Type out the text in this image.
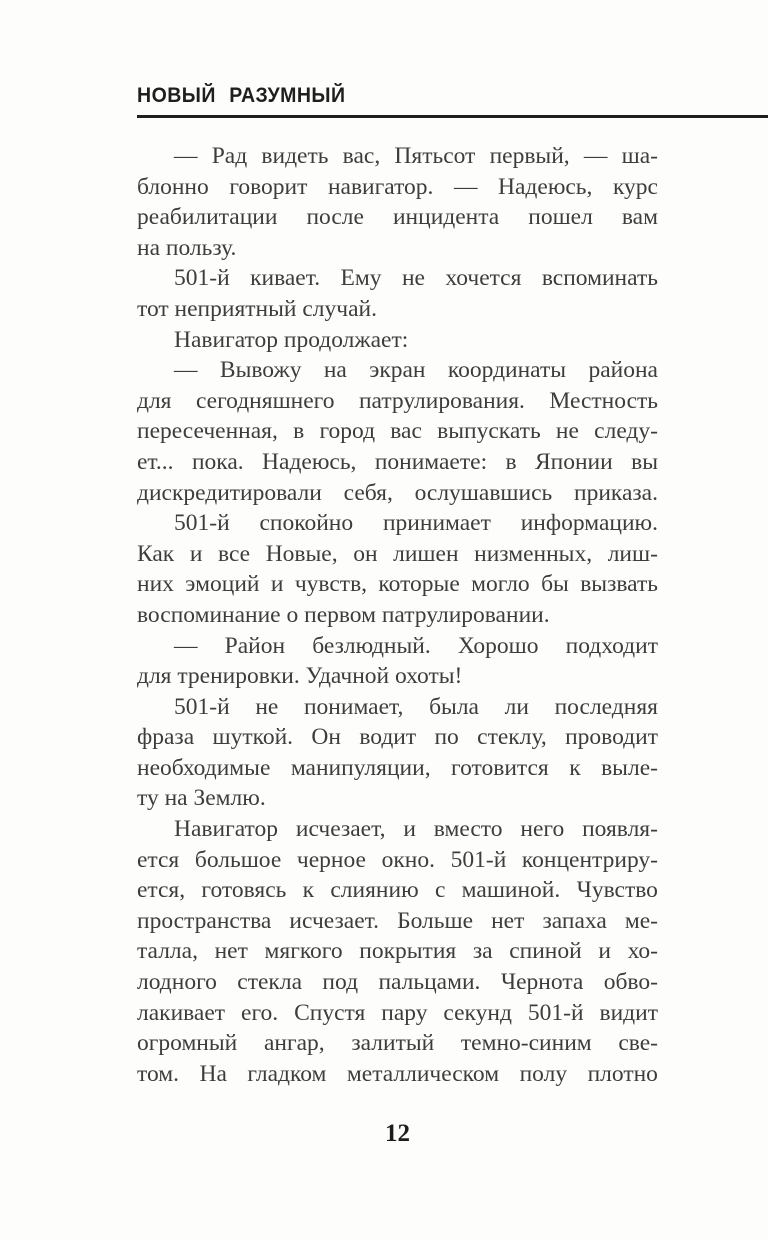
НОВЫЙ РАЗУМНЫЙ
— Рад видеть вас, Пятьсот первый, — ша-
блонно говорит навигатор. — Надеюсь, курс
реабилитации после инцидента пошел вам
на пользу.
501-й кивает. Ему не хочется вспоминать
тот неприятный случай.
Навигатор продолжает:
— Вывожу на экран координаты района
для сегодняшнего патрулирования. Местность
пересеченная, в город вас выпускать не следу-
ет... пока. Надеюсь, понимаете: в Японии вы
дискредитировали себя, ослушавшись приказа.
501-й спокойно принимает информацию.
Как и все Новые, он лишен низменных, лиш-
них эмоций и чувств, которые могло бы вызвать
воспоминание о первом патрулировании.
— Район безлюдный. Хорошо подходит
для тренировки. Удачной охоты!
501-й не понимает, была ли последняя
фраза шуткой. Он водит по стеклу, проводит
необходимые манипуляции, готовится к выле-
ту на Землю.
Навигатор исчезает, и вместо него появля-
ется большое черное окно. 501-й концентриру-
ется, готовясь к слиянию с машиной. Чувство
пространства исчезает. Больше нет запаха ме-
талла, нет мягкого покрытия за спиной и хо-
лодного стекла под пальцами. Чернота обво-
лакивает его. Спустя пару секунд 501-й видит
огромный ангар, залитый темно-синим све-
том. На гладком металлическом полу плотно
12
